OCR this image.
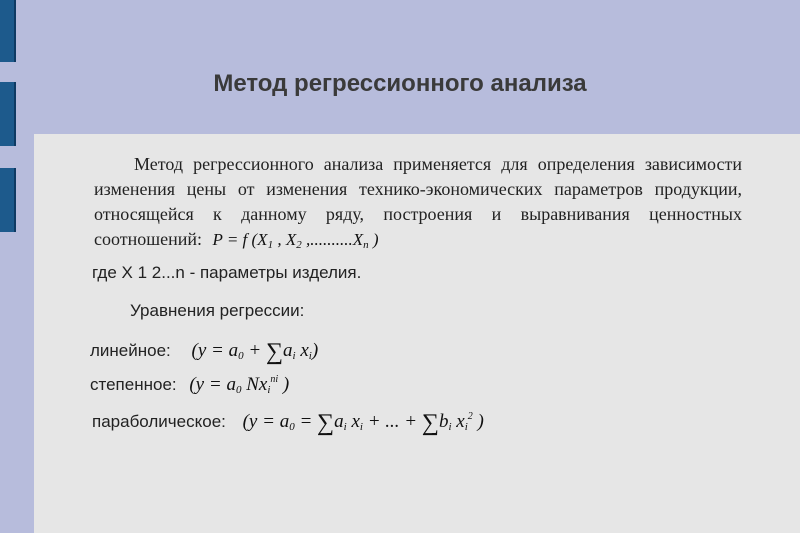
Метод регрессионного анализа
Метод регрессионного анализа применяется для определения зависимости изменения цены от изменения технико-экономических параметров продукции, относящейся к данному ряду, построения и выравнивания ценностных соотношений: P = f (X1 , X2 ,..........Xn )
где X 1 2...n - параметры изделия.
Уравнения регрессии:
линейное: (y = a0 + ∑ai xi)
степенное: (y = a0 Nxi$^{ni}$ )
параболическое: (y = a0 = ∑ai xi + ... + ∑bi $xi^2$ )
